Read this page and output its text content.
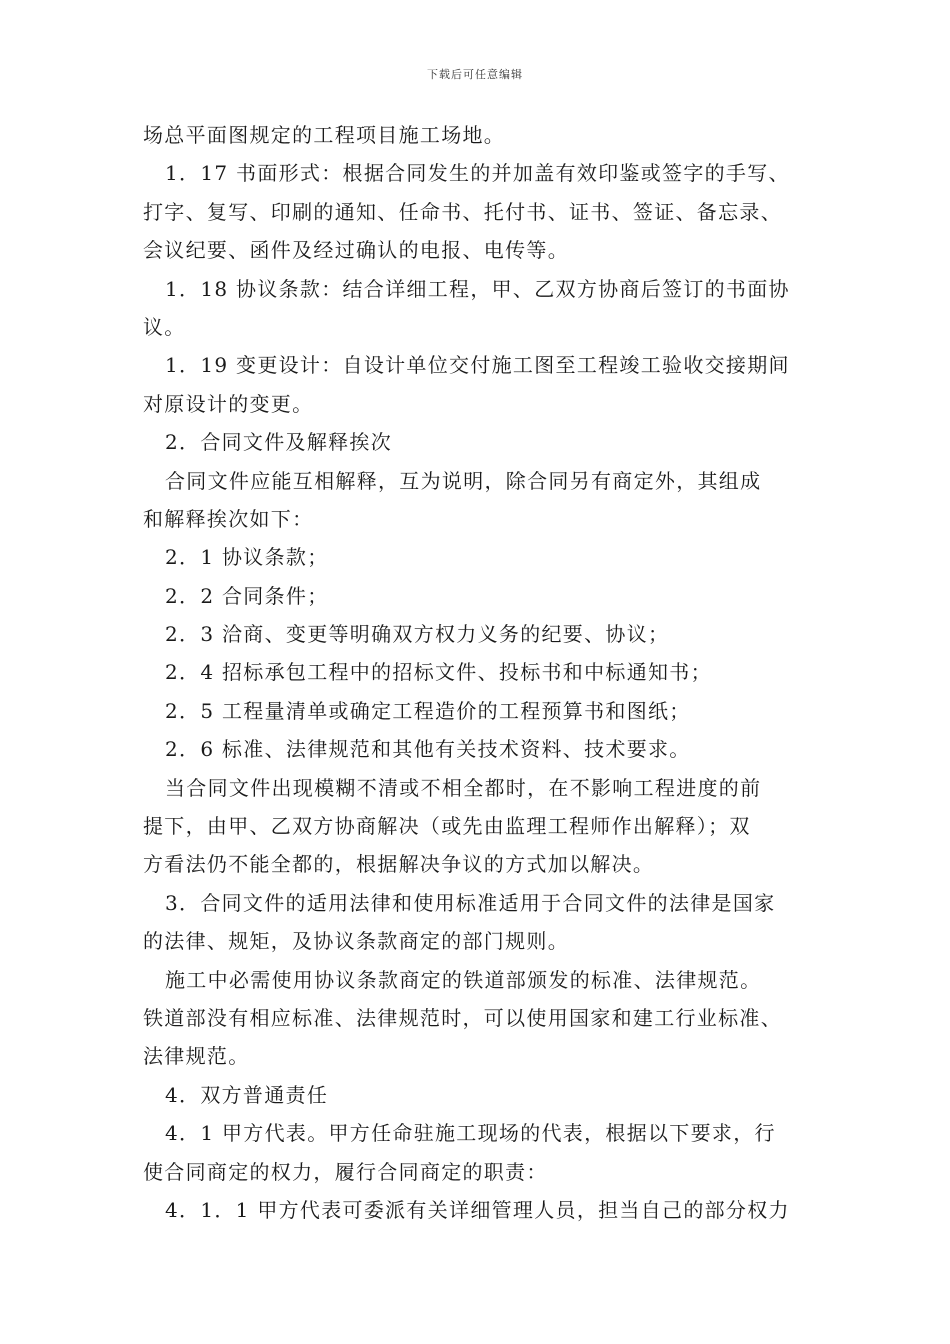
下载后可任意编辑
场总平面图规定的工程项目施工场地。
1．17 书面形式：根据合同发生的并加盖有效印鉴或签字的手写、
打字、复写、印刷的通知、任命书、托付书、证书、签证、备忘录、
会议纪要、函件及经过确认的电报、电传等。
1．18 协议条款：结合详细工程，甲、乙双方协商后签订的书面协
议。
1．19 变更设计：自设计单位交付施工图至工程竣工验收交接期间
对原设计的变更。
2．合同文件及解释挨次
合同文件应能互相解释，互为说明，除合同另有商定外，其组成
和解释挨次如下：
2．1 协议条款；
2．2 合同条件；
2．3 洽商、变更等明确双方权力义务的纪要、协议；
2．4 招标承包工程中的招标文件、投标书和中标通知书；
2．5 工程量清单或确定工程造价的工程预算书和图纸；
2．6 标准、法律规范和其他有关技术资料、技术要求。
当合同文件出现模糊不清或不相全都时，在不影响工程进度的前
提下，由甲、乙双方协商解决（或先由监理工程师作出解释）；双
方看法仍不能全都的，根据解决争议的方式加以解决。
3．合同文件的适用法律和使用标准适用于合同文件的法律是国家
的法律、规矩，及协议条款商定的部门规则。
施工中必需使用协议条款商定的铁道部颁发的标准、法律规范。
铁道部没有相应标准、法律规范时，可以使用国家和建工行业标准、
法律规范。
4．双方普通责任
4．1 甲方代表。甲方任命驻施工现场的代表，根据以下要求，行
使合同商定的权力，履行合同商定的职责：
4．1．1 甲方代表可委派有关详细管理人员，担当自己的部分权力
